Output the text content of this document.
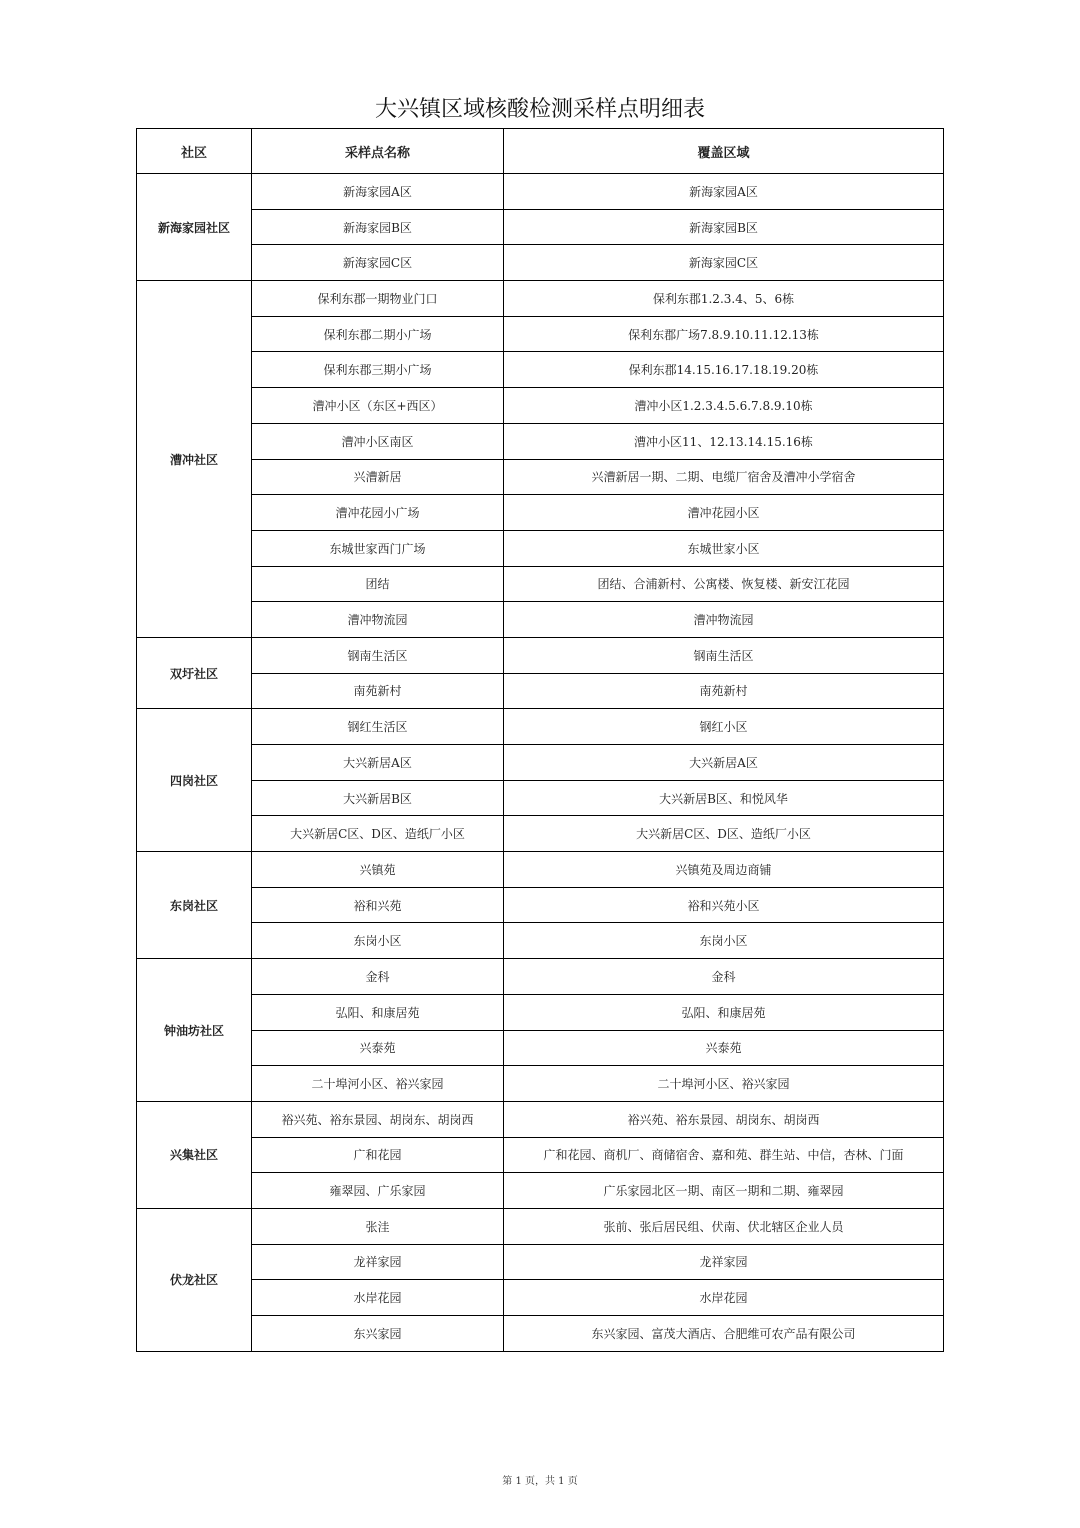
大兴镇区域核酸检测采样点明细表
社区	采样点名称	覆盖区域
新海家园社区	新海家园A区	新海家园A区
	新海家园B区	新海家园B区
	新海家园C区	新海家园C区
漕冲社区	保利东郡一期物业门口	保利东郡1.2.3.4、5、6栋
	保利东郡二期小广场	保利东郡广场7.8.9.10.11.12.13栋
	保利东郡三期小广场	保利东郡14.15.16.17.18.19.20栋
	漕冲小区（东区+西区）	漕冲小区1.2.3.4.5.6.7.8.9.10栋
	漕冲小区南区	漕冲小区11、12.13.14.15.16栋
	兴漕新居	兴漕新居一期、二期、电缆厂宿舍及漕冲小学宿舍
	漕冲花园小广场	漕冲花园小区
	东城世家西门广场	东城世家小区
	团结	团结、合浦新村、公寓楼、恢复楼、新安江花园
	漕冲物流园	漕冲物流园
双圩社区	钢南生活区	钢南生活区
	南苑新村	南苑新村
四岗社区	钢红生活区	钢红小区
	大兴新居A区	大兴新居A区
	大兴新居B区	大兴新居B区、和悦风华
	大兴新居C区、D区、造纸厂小区	大兴新居C区、D区、造纸厂小区
东岗社区	兴镇苑	兴镇苑及周边商铺
	裕和兴苑	裕和兴苑小区
	东岗小区	东岗小区
钟油坊社区	金科	金科
	弘阳、和康居苑	弘阳、和康居苑
	兴泰苑	兴泰苑
	二十埠河小区、裕兴家园	二十埠河小区、裕兴家园
兴集社区	裕兴苑、裕东景园、胡岗东、胡岗西	裕兴苑、裕东景园、胡岗东、胡岗西
	广和花园	广和花园、商机厂、商储宿舍、嘉和苑、群生站、中信，杏林、门面
	雍翠园、广乐家园	广乐家园北区一期、南区一期和二期、雍翠园
伏龙社区	张洼	张前、张后居民组、伏南、伏北辖区企业人员
	龙祥家园	龙祥家园
	水岸花园	水岸花园
	东兴家园	东兴家园、富茂大酒店、合肥维可农产品有限公司
第 1 页，共 1 页
